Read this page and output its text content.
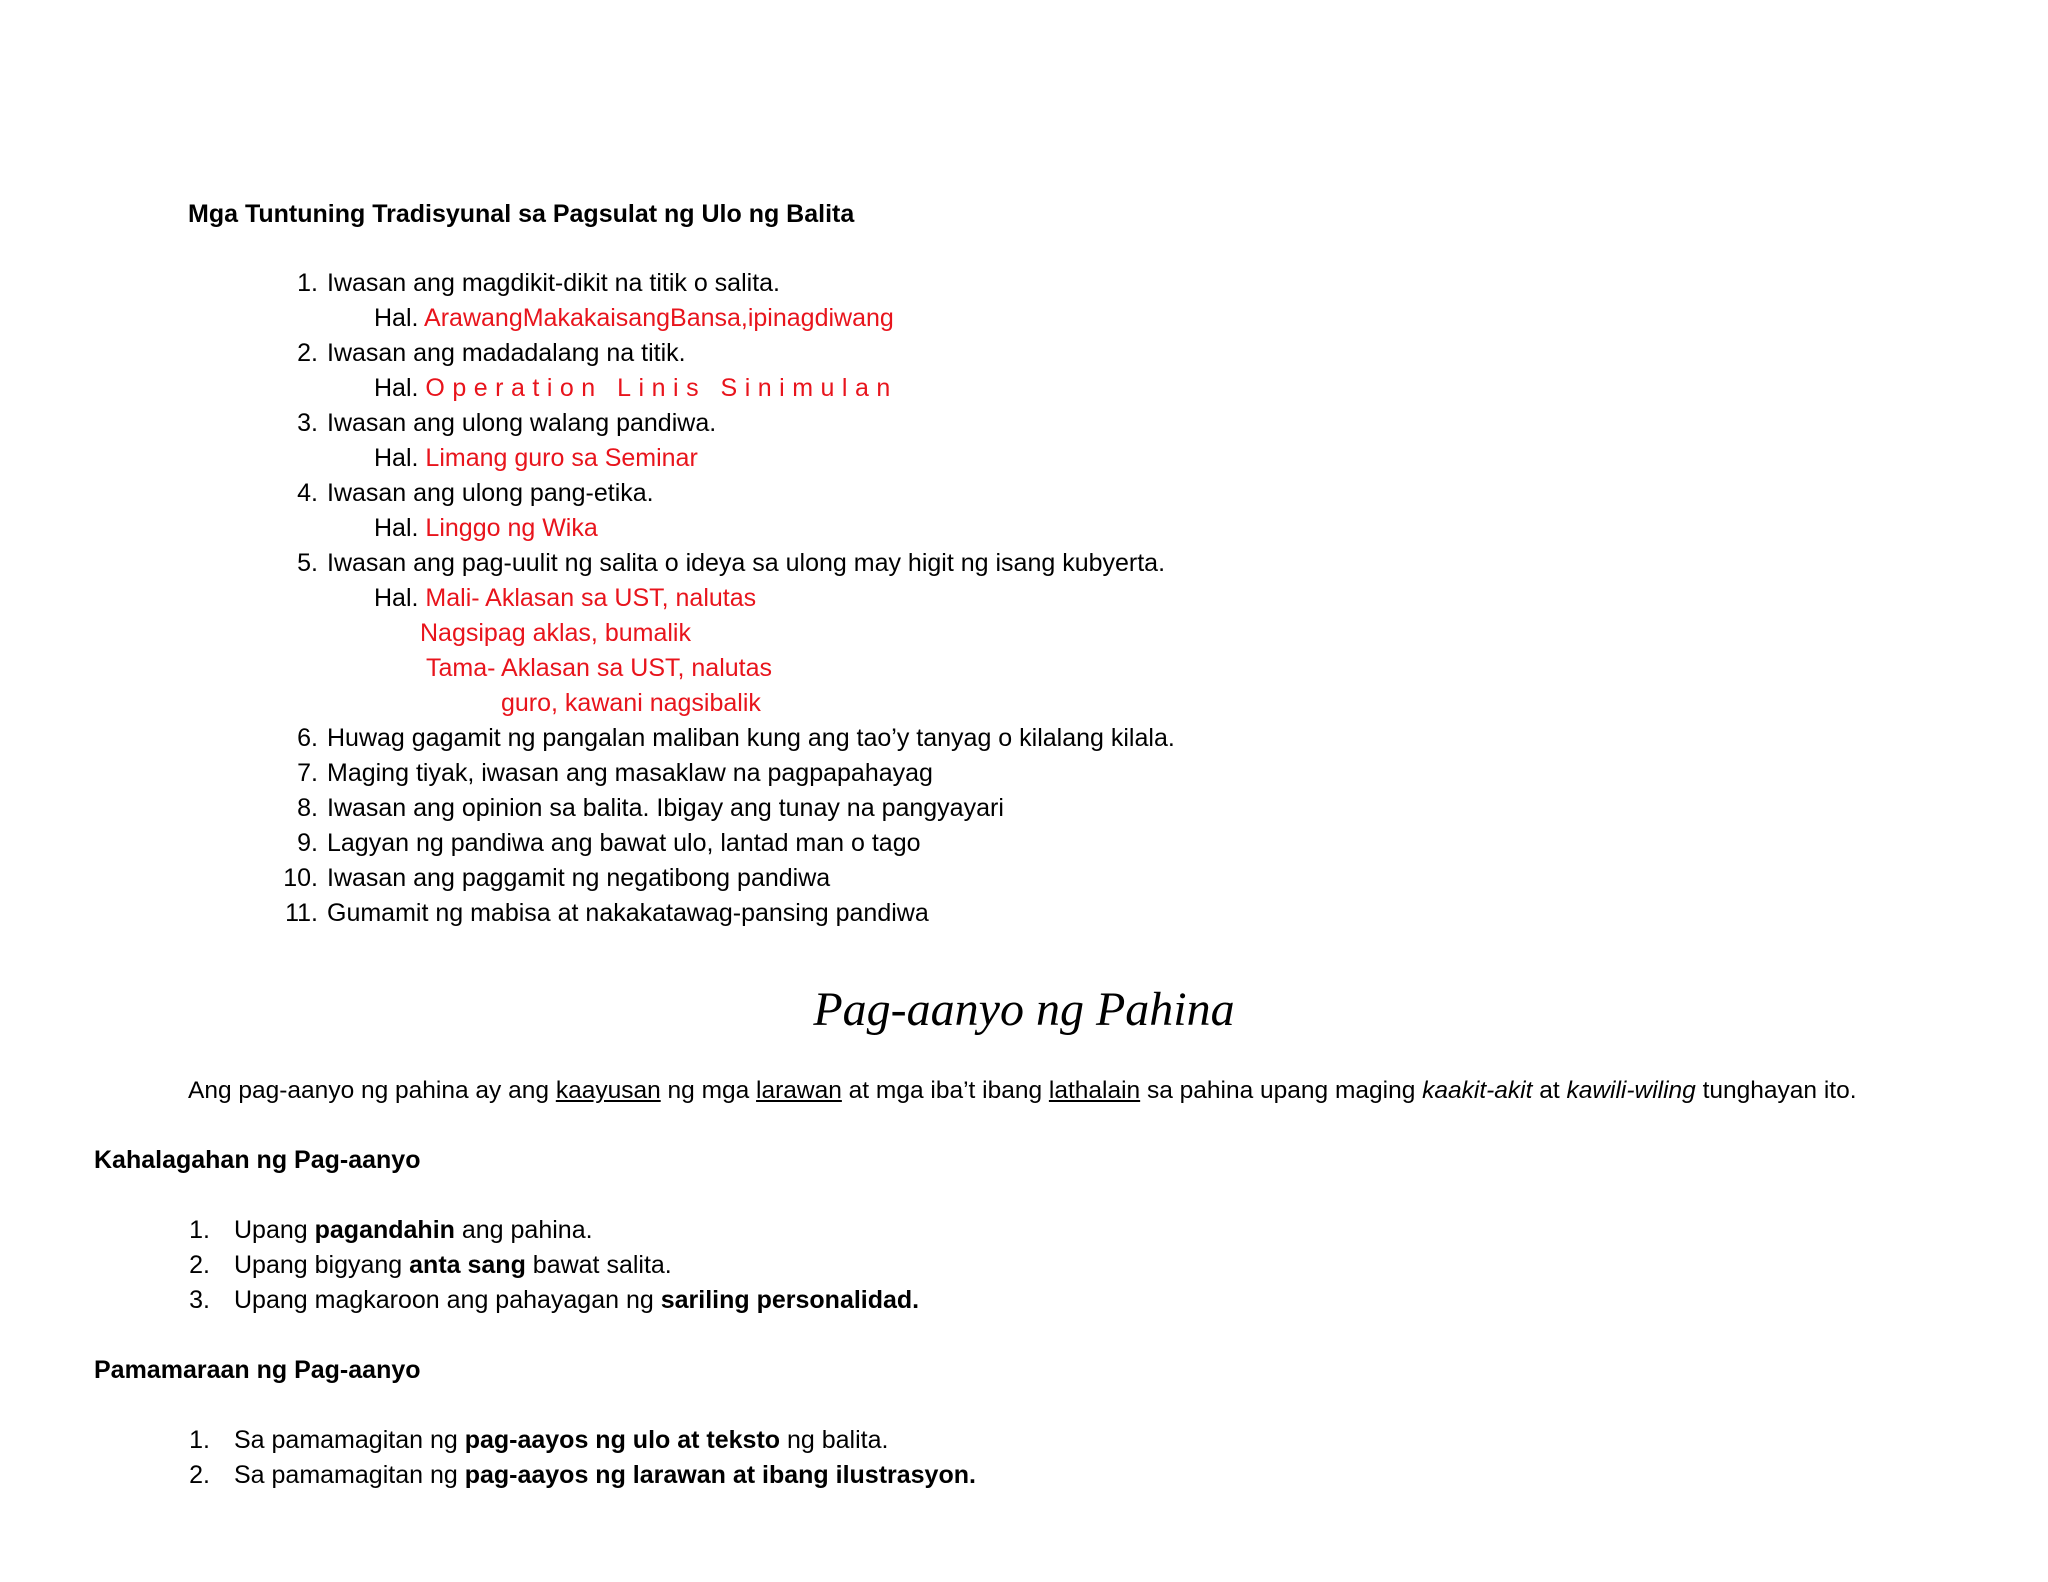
Mga Tuntuning Tradisyunal sa Pagsulat ng Ulo ng Balita
1. Iwasan ang magdikit-dikit na titik o salita.
Hal. ArawangMakakaisangBansa,ipinagdiwang
2. Iwasan ang madadalang na titik.
Hal. Operation Linis Sinimulan
3. Iwasan ang ulong walang pandiwa.
Hal. Limang guro sa Seminar
4. Iwasan ang ulong pang-etika.
Hal. Linggo ng Wika
5. Iwasan ang pag-uulit ng salita o ideya sa ulong may higit ng isang kubyerta.
Hal. Mali- Aklasan sa UST, nalutas
Nagsipag aklas, bumalik
Tama- Aklasan sa UST, nalutas
guro, kawani nagsibalik
6. Huwag gagamit ng pangalan maliban kung ang tao’y tanyag o kilalang kilala.
7. Maging tiyak, iwasan ang masaklaw na pagpapahayag
8. Iwasan ang opinion sa balita. Ibigay ang tunay na pangyayari
9. Lagyan ng pandiwa ang bawat ulo, lantad man o tago
10. Iwasan ang paggamit ng negatibong pandiwa
11. Gumamit ng mabisa at nakakatawag-pansing pandiwa
Pag-aanyo ng Pahina
Ang pag-aanyo ng pahina ay ang kaayusan ng mga larawan at mga iba’t ibang lathalain sa pahina upang maging kaakit-akit at kawili-wiling tunghayan ito.
Kahalagahan ng Pag-aanyo
1. Upang pagandahin ang pahina.
2. Upang bigyang anta sang bawat salita.
3. Upang magkaroon ang pahayagan ng sariling personalidad.
Pamamaraan ng Pag-aanyo
1. Sa pamamagitan ng pag-aayos ng ulo at teksto ng balita.
2. Sa pamamagitan ng pag-aayos ng larawan at ibang ilustrasyon.
